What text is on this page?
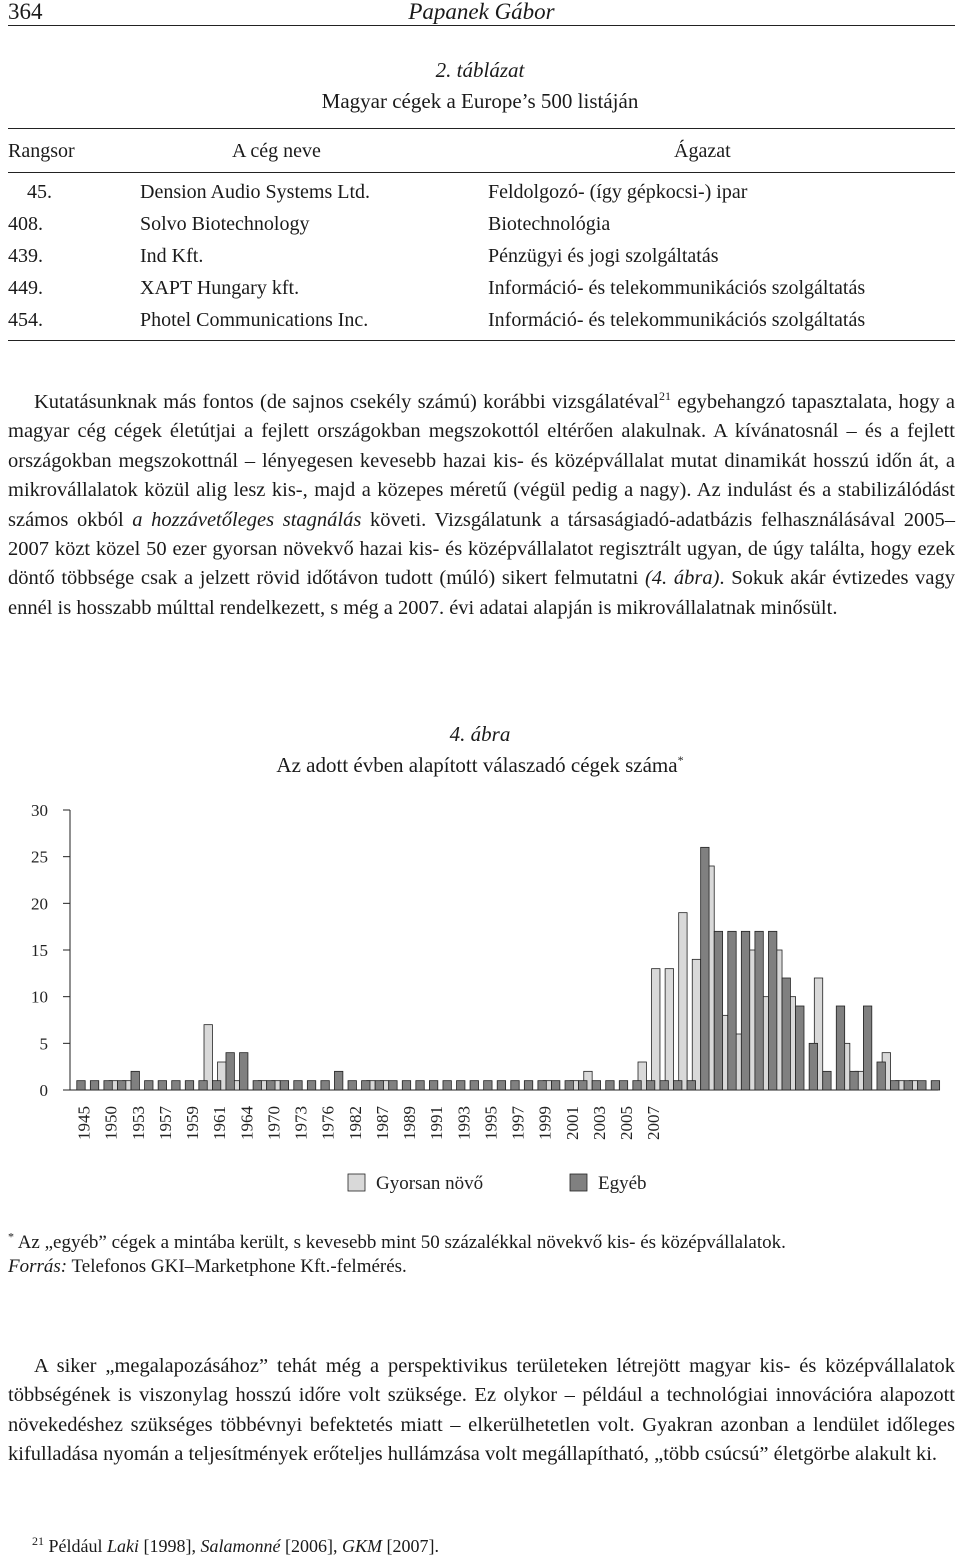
364	Papanek Gábor
2. táblázat
Magyar cégek a Europe’s 500 listáján
Rangsor	A cég neve	Ágazat
45.	Dension Audio Systems Ltd.	Feldolgozó- (így gépkocsi-) ipar
408.	Solvo Biotechnology	Biotechnológia
439.	Ind Kft.	Pénzügyi és jogi szolgáltatás
449.	XAPT Hungary kft.	Információ- és telekommunikációs szolgáltatás
454.	Photel Communications Inc.	Információ- és telekommunikációs szolgáltatás

Kutatásunknak más fontos (de sajnos csekély számú) korábbi vizsgálatéval$^{21}$ egybehangzó tapasztalata, hogy a magyar cég cégek életútjai a fejlett országokban megszokottól eltérően alakulnak. A kívánatosnál – és a fejlett országokban megszokottnál – lényegesen kevesebb hazai kis- és középvállalat mutat dinamikát hosszú időn át, a mikrovállalatok közül alig lesz kis-, majd a közepes méretű (végül pedig a nagy). Az indulást és a stabilizálódást számos okból a hozzávetőleges stagnálás követi. Vizsgálatunk a társaságiadó-adatbázis felhasználásával 2005–2007 közt közel 50 ezer gyorsan növekvő hazai kis- és középvállalatot regisztrált ugyan, de úgy találta, hogy ezek döntő többsége csak a jelzett rövid időtávon tudott (múló) sikert felmutatni (4. ábra). Sokuk akár évtizedes vagy ennél is hosszabb múlttal rendelkezett, s még a 2007. évi adatai alapján is mikrovállalatnak minősült.

4. ábra
Az adott évben alapított válaszadó cégek száma*
0
5
10
15
20
25
30
1945 1950 1953 1957 1959 1961 1964 1970 1973 1976 1982 1987 1989 1991 1993 1995 1997 1999 2001 2003 2005 2007
Gyorsan növő	Egyéb

* Az „egyéb” cégek a mintába került, s kevesebb mint 50 százalékkal növekvő kis- és középvállalatok.

Forrás: Telefonos GKI–Marketphone Kft.-felmérés.

A siker „megalapozásához” tehát még a perspektivikus területeken létrejött magyar kis- és középvállalatok többségének is viszonylag hosszú időre volt szüksége. Ez olykor – például a technológiai innovációra alapozott növekedéshez szükséges többévnyi befektetés miatt – elkerülhetetlen volt. Gyakran azonban a lendület időleges kifulladása nyomán a teljesítmények erőteljes hullámzása volt megállapítható, „több csúcsú” életgörbe alakult ki.

$^{21}$ Például Laki [1998], Salamonné [2006], GKM [2007].
